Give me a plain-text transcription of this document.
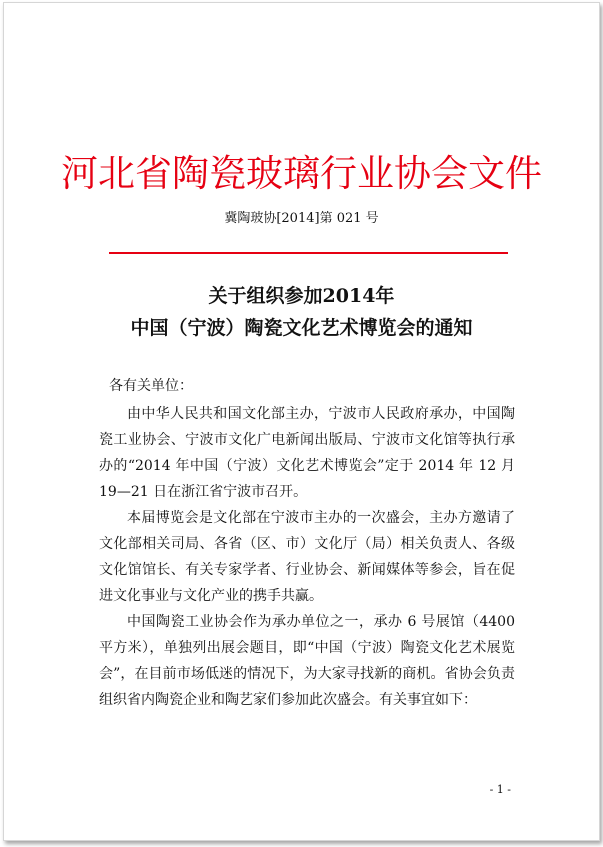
河北省陶瓷玻璃行业协会文件
冀陶玻协[2014]第 021 号
关于组织参加2014年
中国（宁波）陶瓷文化艺术博览会的通知
各有关单位：

由中华人民共和国文化部主办，宁波市人民政府承办，中国陶瓷工业协会、宁波市文化广电新闻出版局、宁波市文化馆等执行承办的“2014 年中国（宁波）文化艺术博览会”定于 2014 年 12 月 19—21 日在浙江省宁波市召开。

本届博览会是文化部在宁波市主办的一次盛会，主办方邀请了文化部相关司局、各省（区、市）文化厅（局）相关负责人、各级文化馆馆长、有关专家学者、行业协会、新闻媒体等参会，旨在促进文化事业与文化产业的携手共赢。

中国陶瓷工业协会作为承办单位之一，承办 6 号展馆（4400 平方米），单独列出展会题目，即“中国（宁波）陶瓷文化艺术展览会”，在目前市场低迷的情况下，为大家寻找新的商机。省协会负责组织省内陶瓷企业和陶艺家们参加此次盛会。有关事宜如下：

- 1 -
